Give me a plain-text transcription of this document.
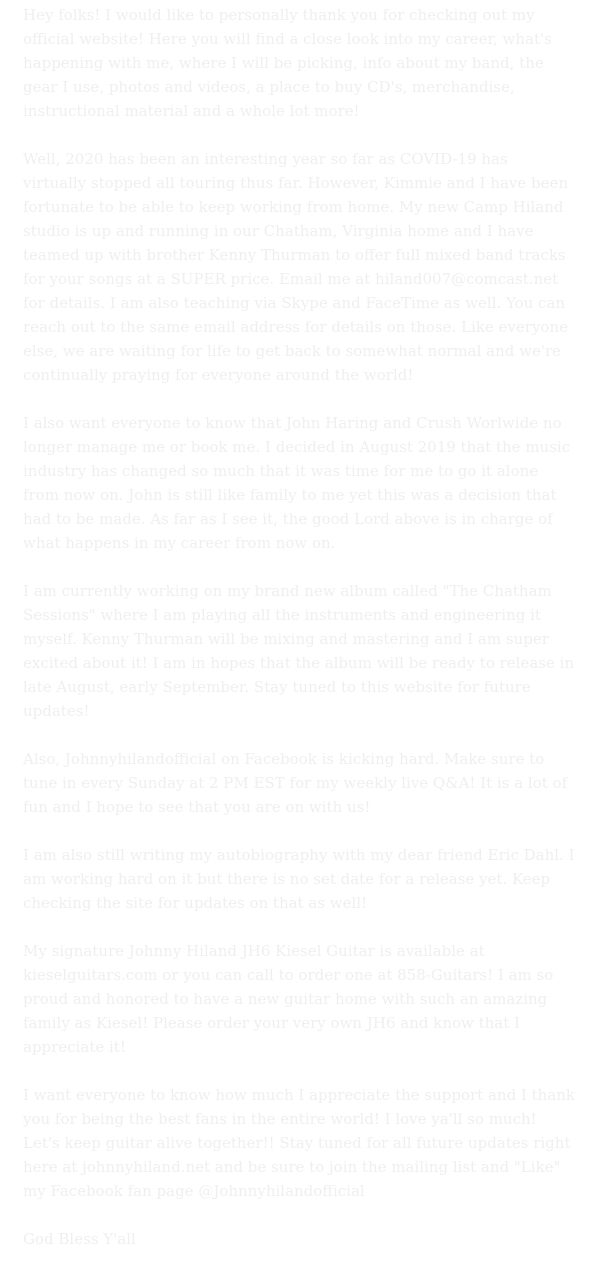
Hey folks! I would like to personally thank you for checking out my official website! Here you will find a close look into my career, what's happening with me, where I will be picking, info about my band, the gear I use, photos and videos, a place to buy CD's, merchandise, instructional material and a whole lot more!

Well, 2020 has been an interesting year so far as COVID-19 has virtually stopped all touring thus far. However, Kimmie and I have been fortunate to be able to keep working from home. My new Camp Hiland studio is up and running in our Chatham, Virginia home and I have teamed up with brother Kenny Thurman to offer full mixed band tracks for your songs at a SUPER price. Email me at hiland007@comcast.net for details. I am also teaching via Skype and FaceTime as well. You can reach out to the same email address for details on those. Like everyone else, we are waiting for life to get back to somewhat normal and we're continually praying for everyone around the world!

I also want everyone to know that John Haring and Crush Worlwide no longer manage me or book me. I decided in August 2019 that the music industry has changed so much that it was time for me to go it alone from now on. John is still like family to me yet this was a decision that had to be made. As far as I see it, the good Lord above is in charge of what happens in my career from now on.

I am currently working on my brand new album called "The Chatham Sessions" where I am playing all the instruments and engineering it myself. Kenny Thurman will be mixing and mastering and I am super excited about it! I am in hopes that the album will be ready to release in late August, early September. Stay tuned to this website for future updates!

Also, Johnnyhilandofficial on Facebook is kicking hard. Make sure to tune in every Sunday at 2 PM EST for my weekly live Q&A! It is a lot of fun and I hope to see that you are on with us!

I am also still writing my autobiography with my dear friend Eric Dahl. I am working hard on it but there is no set date for a release yet. Keep checking the site for updates on that as well!

My signature Johnny Hiland JH6 Kiesel Guitar is available at kieselguitars.com or you can call to order one at 858-Guitars! I am so proud and honored to have a new guitar home with such an amazing family as Kiesel! Please order your very own JH6 and know that I appreciate it!

I want everyone to know how much I appreciate the support and I thank you for being the best fans in the entire world! I love ya'll so much! Let's keep guitar alive together!! Stay tuned for all future updates right here at johnnyhiland.net and be sure to join the mailing list and "Like" my Facebook fan page @Johnnyhilandofficial

God Bless Y'all
